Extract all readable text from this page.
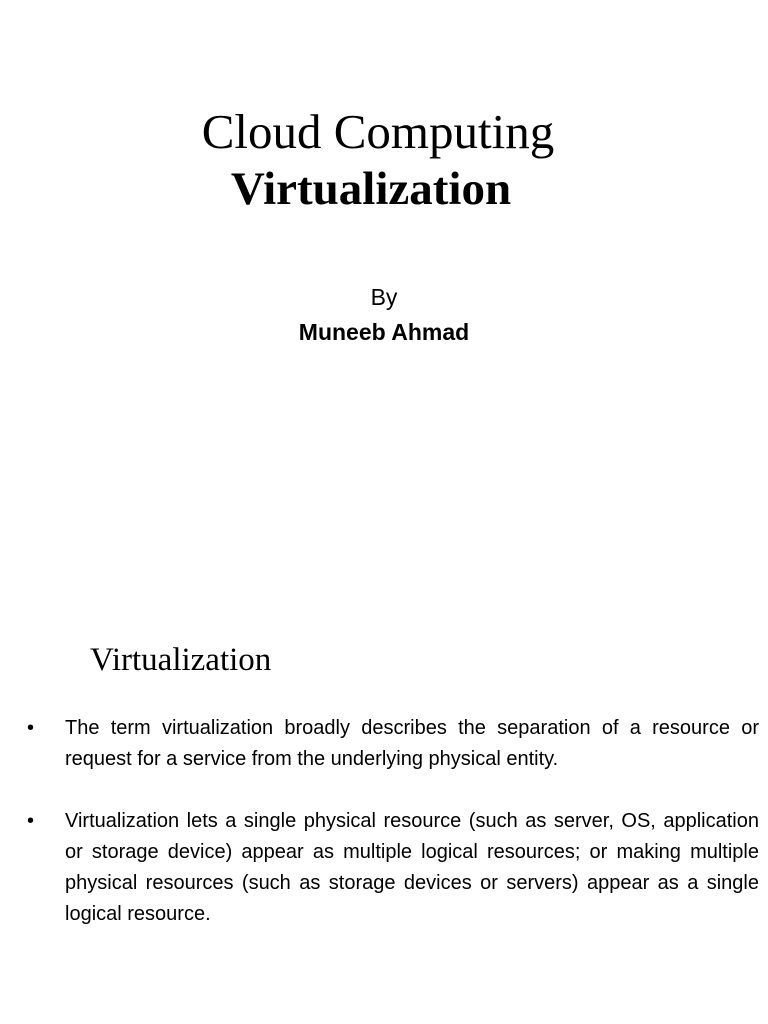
Cloud Computing
Virtualization
By
Muneeb Ahmad
Virtualization
• The term virtualization broadly describes the separation of a resource or request for a service from the underlying physical entity.
• Virtualization lets a single physical resource (such as server, OS, application or storage device) appear as multiple logical resources; or making multiple physical resources (such as storage devices or servers) appear as a single logical resource.
